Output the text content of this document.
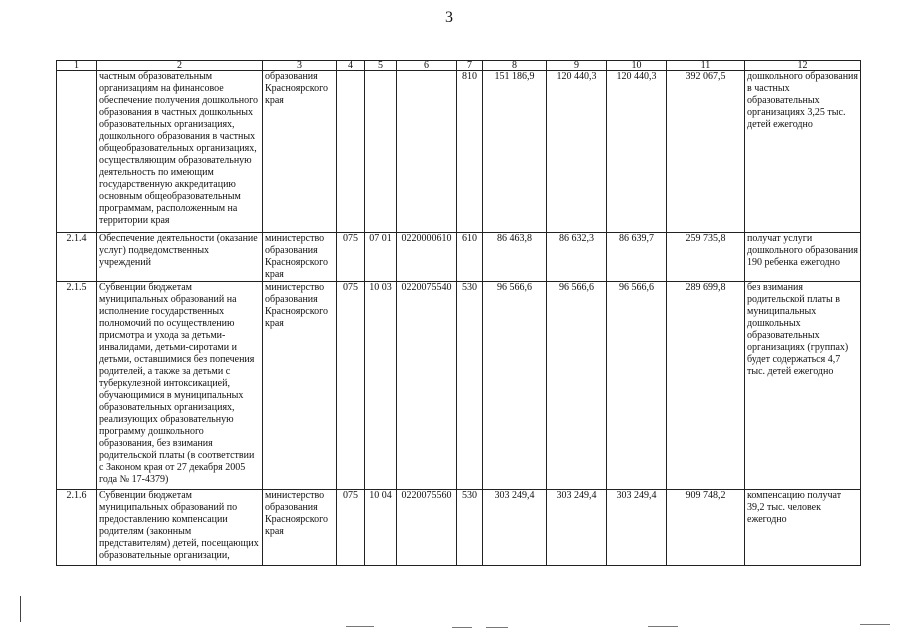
3
1	2	3	4	5	6	7	8	9	10	11	12
	частным образовательным организациям на финансовое обеспечение получения дошкольного образования в частных дошкольных образовательных организациях, дошкольного образования в частных общеобразовательных организациях, осуществляющим образовательную деятельность по имеющим государственную аккредитацию основным общеобразовательным программам, расположенным на территории края	образования Красноярского края				810	151 186,9	120 440,3	120 440,3	392 067,5	дошкольного образования в частных образовательных организациях 3,25 тыс. детей ежегодно
2.1.4	Обеспечение деятельности (оказание услуг) подведомственных учреждений	министерство образования Красноярского края	075	07 01	0220000610	610	86 463,8	86 632,3	86 639,7	259 735,8	получат услуги дошкольного образования 190 ребенка ежегодно
2.1.5	Субвенции бюджетам муниципальных образований на исполнение государственных полномочий по осуществлению присмотра и ухода за детьми-инвалидами, детьми-сиротами и детьми, оставшимися без попечения родителей, а также за детьми с туберкулезной интоксикацией, обучающимися в муниципальных образовательных организациях, реализующих образовательную программу дошкольного образования, без взимания родительской платы (в соответствии с Законом края от 27 декабря 2005 года № 17-4379)	министерство образования Красноярского края	075	10 03	0220075540	530	96 566,6	96 566,6	96 566,6	289 699,8	без взимания родительской платы в муниципальных дошкольных образовательных организациях (группах) будет содержаться 4,7 тыс. детей ежегодно
2.1.6	Субвенции бюджетам муниципальных образований по предоставлению компенсации родителям (законным представителям) детей, посещающих образовательные организации,	министерство образования Красноярского края	075	10 04	0220075560	530	303 249,4	303 249,4	303 249,4	909 748,2	компенсацию получат 39,2 тыс. человек ежегодно
